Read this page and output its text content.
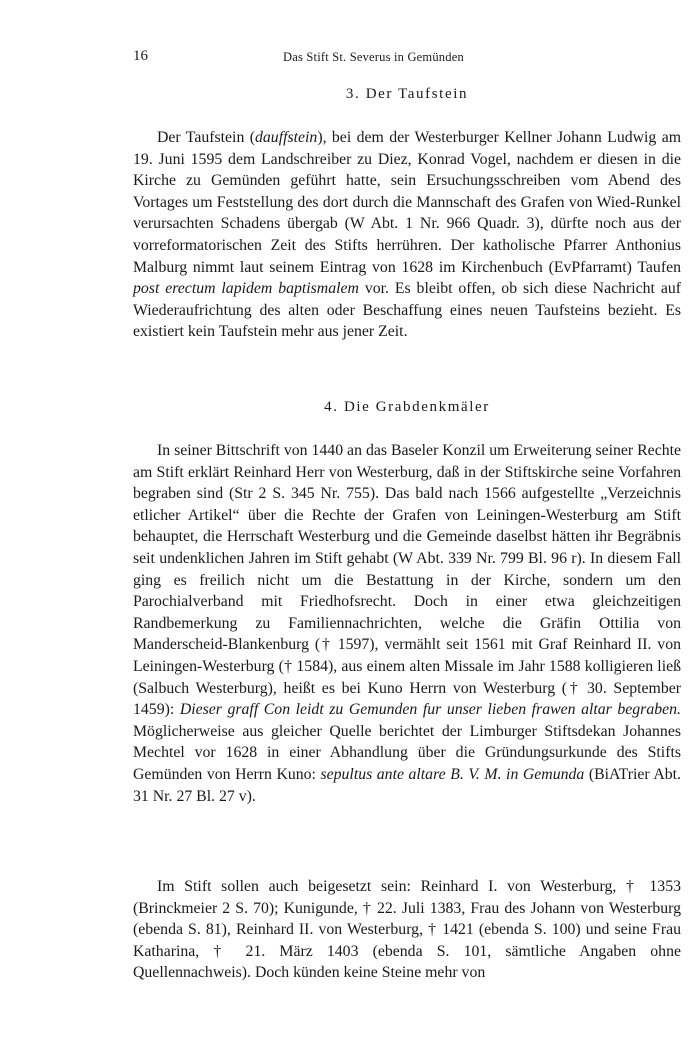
16	Das Stift St. Severus in Gemünden
3. Der Taufstein

Der Taufstein (dauffstein), bei dem der Westerburger Kellner Johann Ludwig am 19. Juni 1595 dem Landschreiber zu Diez, Konrad Vogel, nachdem er diesen in die Kirche zu Gemünden geführt hatte, sein Ersuchungsschreiben vom Abend des Vortages um Feststellung des dort durch die Mannschaft des Grafen von Wied-Runkel verursachten Schadens übergab (W Abt. 1 Nr. 966 Quadr. 3), dürfte noch aus der vorreformatorischen Zeit des Stifts herrühren. Der katholische Pfarrer Anthonius Malburg nimmt laut seinem Eintrag von 1628 im Kirchenbuch (EvPfarramt) Taufen post erectum lapidem baptismalem vor. Es bleibt offen, ob sich diese Nachricht auf Wiederaufrichtung des alten oder Beschaffung eines neuen Taufsteins bezieht. Es existiert kein Taufstein mehr aus jener Zeit.

4. Die Grabdenkmäler

In seiner Bittschrift von 1440 an das Baseler Konzil um Erweiterung seiner Rechte am Stift erklärt Reinhard Herr von Westerburg, daß in der Stiftskirche seine Vorfahren begraben sind (Str 2 S. 345 Nr. 755). Das bald nach 1566 aufgestellte „Verzeichnis etlicher Artikel“ über die Rechte der Grafen von Leiningen-Westerburg am Stift behauptet, die Herrschaft Westerburg und die Gemeinde daselbst hätten ihr Begräbnis seit undenklichen Jahren im Stift gehabt (W Abt. 339 Nr. 799 Bl. 96 r). In diesem Fall ging es freilich nicht um die Bestattung in der Kirche, sondern um den Parochialverband mit Friedhofsrecht. Doch in einer etwa gleichzeitigen Randbemerkung zu Familiennachrichten, welche die Gräfin Ottilia von Manderscheid-Blankenburg († 1597), vermählt seit 1561 mit Graf Reinhard II. von Leiningen-Westerburg († 1584), aus einem alten Missale im Jahr 1588 kolligieren ließ (Salbuch Westerburg), heißt es bei Kuno Herrn von Westerburg († 30. September 1459): Dieser graff Con leidt zu Gemunden fur unser lieben frawen altar begraben. Möglicherweise aus gleicher Quelle berichtet der Limburger Stiftsdekan Johannes Mechtel vor 1628 in einer Abhandlung über die Gründungsurkunde des Stifts Gemünden von Herrn Kuno: sepultus ante altare B. V. M. in Gemunda (BiATrier Abt. 31 Nr. 27 Bl. 27 v).

Im Stift sollen auch beigesetzt sein: Reinhard I. von Westerburg, † 1353 (Brinckmeier 2 S. 70); Kunigunde, † 22. Juli 1383, Frau des Johann von Westerburg (ebenda S. 81), Reinhard II. von Westerburg, † 1421 (ebenda S. 100) und seine Frau Katharina, † 21. März 1403 (ebenda S. 101, sämtliche Angaben ohne Quellennachweis). Doch künden keine Steine mehr von
